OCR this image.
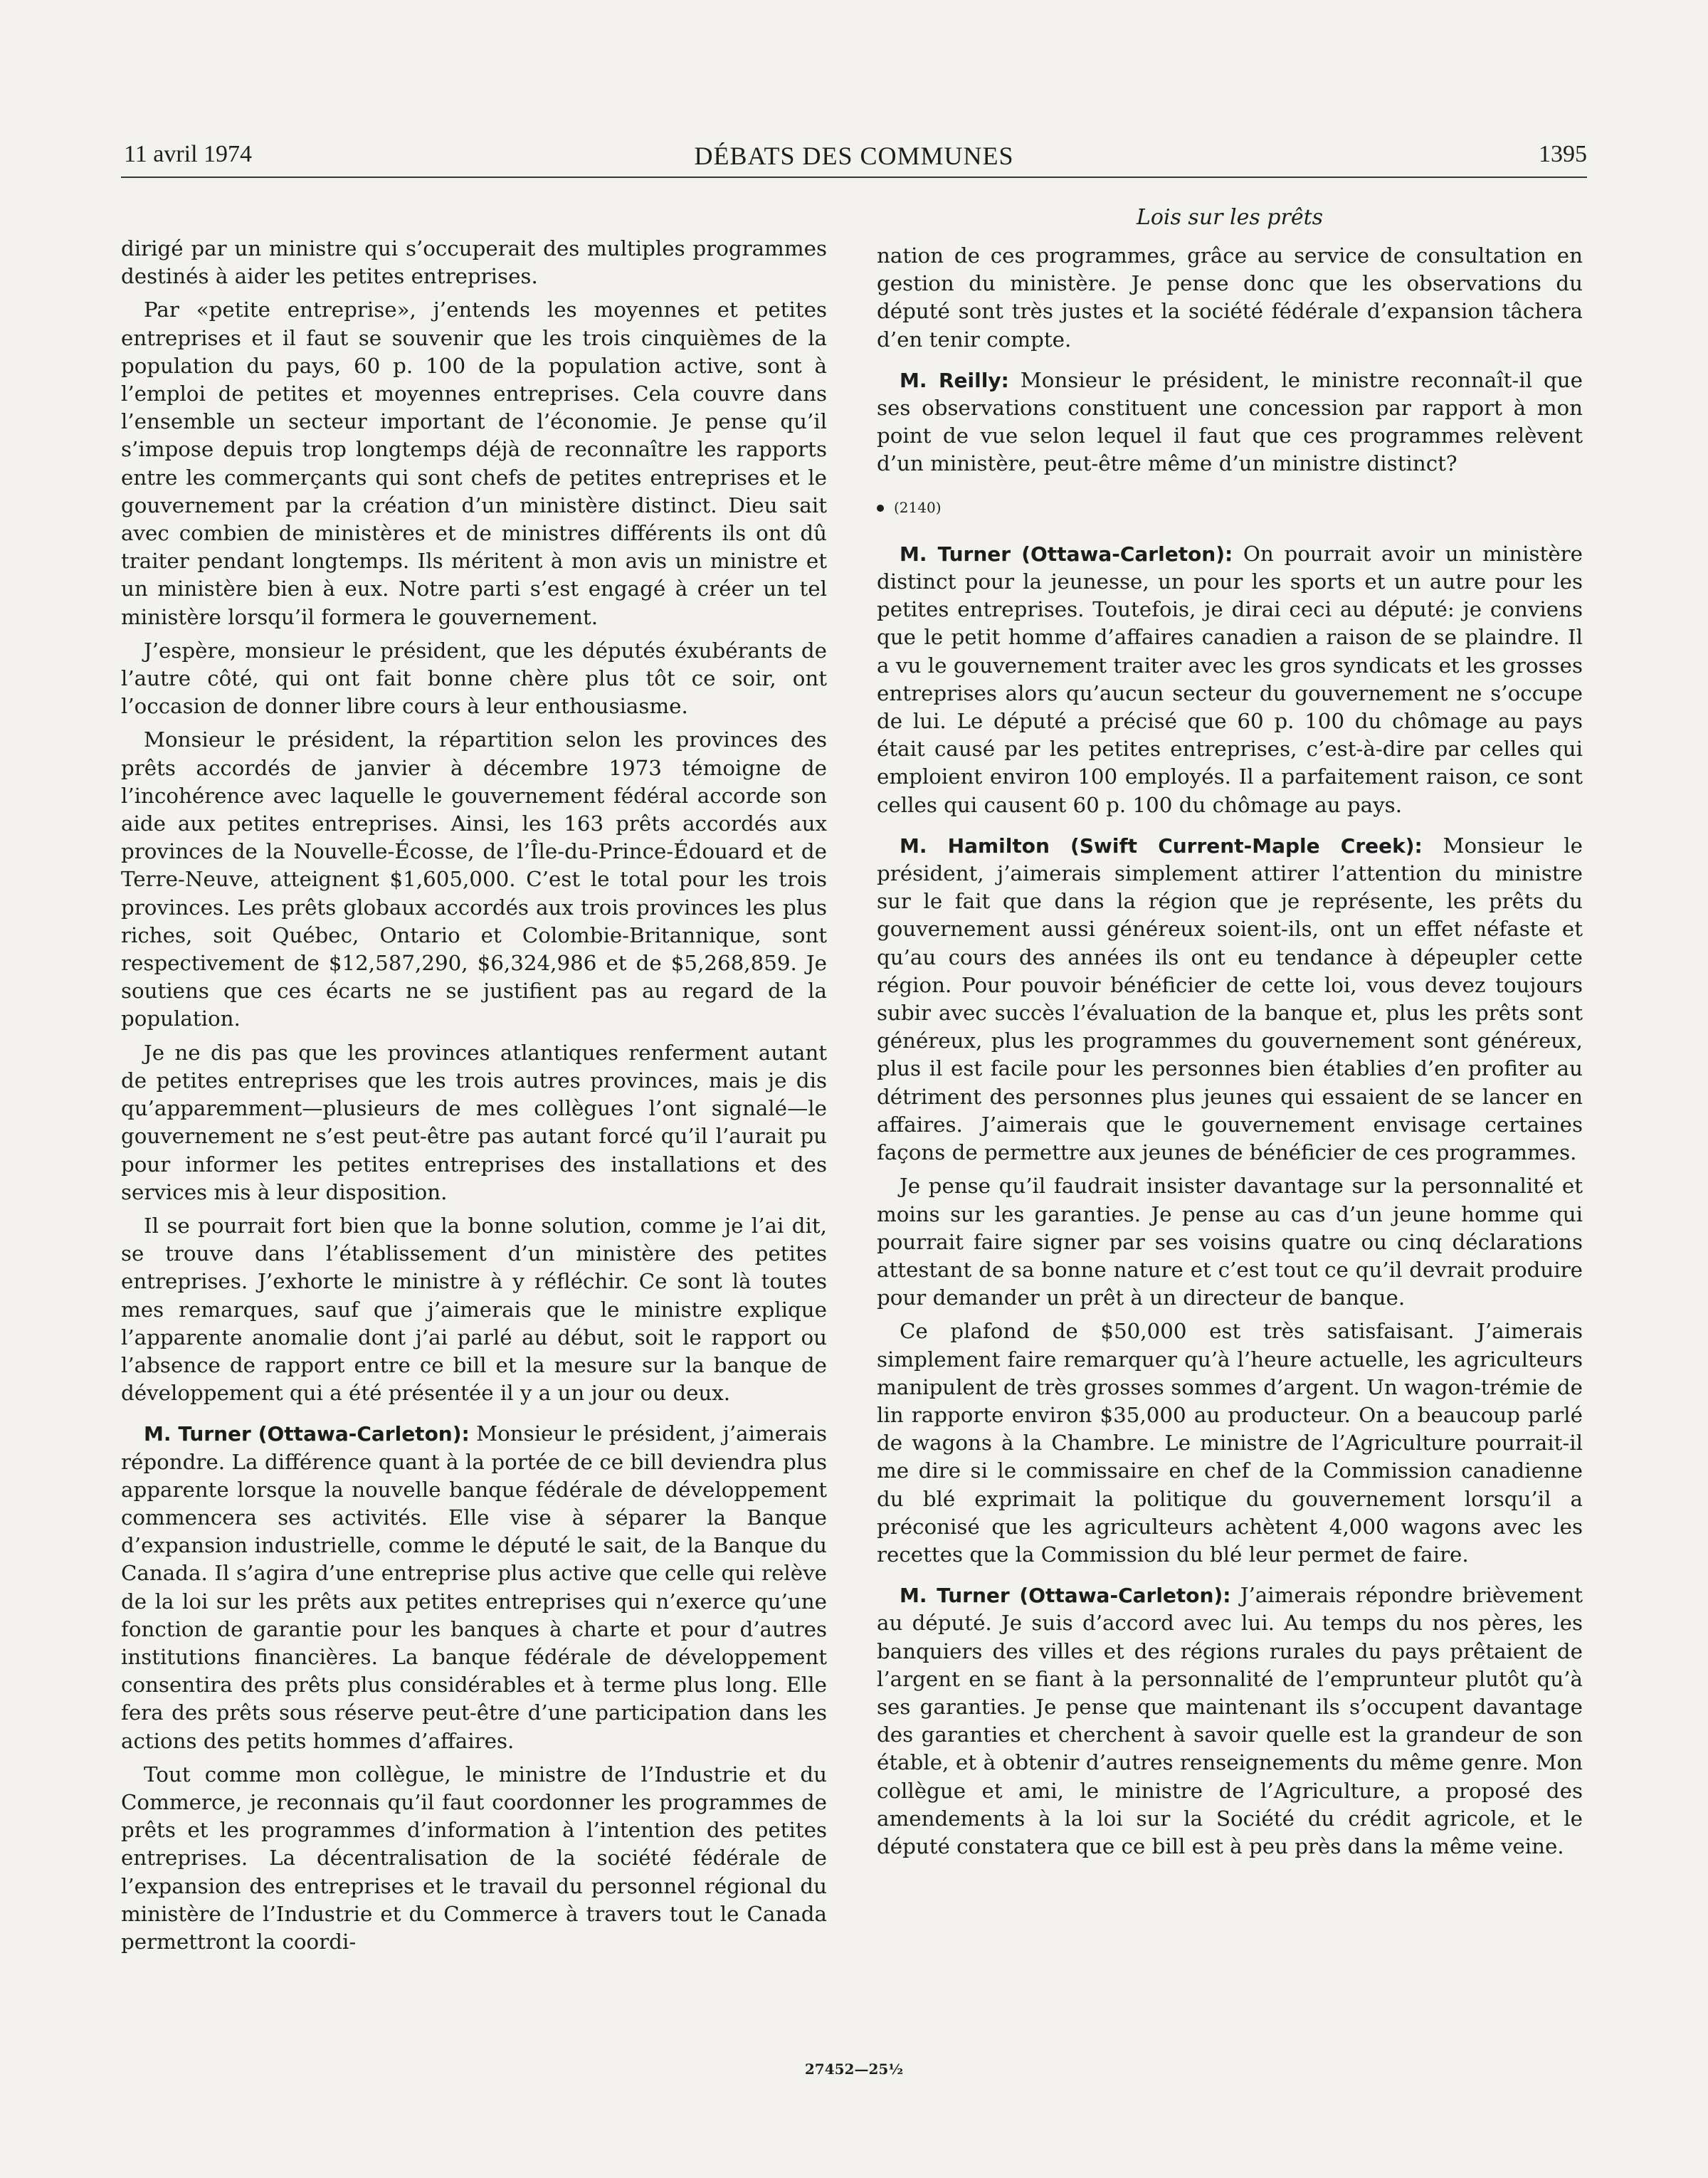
11 avril 1974	DÉBATS DES COMMUNES	1395
Lois sur les prêts

dirigé par un ministre qui s’occuperait des multiples programmes destinés à aider les petites entreprises.

Par «petite entreprise», j’entends les moyennes et petites entreprises et il faut se souvenir que les trois cinquièmes de la population du pays, 60 p. 100 de la population active, sont à l’emploi de petites et moyennes entreprises. Cela couvre dans l’ensemble un secteur important de l’économie. Je pense qu’il s’impose depuis trop longtemps déjà de reconnaître les rapports entre les commerçants qui sont chefs de petites entreprises et le gouvernement par la création d’un ministère distinct. Dieu sait avec combien de ministères et de ministres différents ils ont dû traiter pendant longtemps. Ils méritent à mon avis un ministre et un ministère bien à eux. Notre parti s’est engagé à créer un tel ministère lorsqu’il formera le gouvernement.

J’espère, monsieur le président, que les députés éxubérants de l’autre côté, qui ont fait bonne chère plus tôt ce soir, ont l’occasion de donner libre cours à leur enthousiasme.

Monsieur le président, la répartition selon les provinces des prêts accordés de janvier à décembre 1973 témoigne de l’incohérence avec laquelle le gouvernement fédéral accorde son aide aux petites entreprises. Ainsi, les 163 prêts accordés aux provinces de la Nouvelle-Écosse, de l’Île-du-Prince-Édouard et de Terre-Neuve, atteignent $1,605,000. C’est le total pour les trois provinces. Les prêts globaux accordés aux trois provinces les plus riches, soit Québec, Ontario et Colombie-Britannique, sont respectivement de $12,587,290, $6,324,986 et de $5,268,859. Je soutiens que ces écarts ne se justifient pas au regard de la population.

Je ne dis pas que les provinces atlantiques renferment autant de petites entreprises que les trois autres provinces, mais je dis qu’apparemment—plusieurs de mes collègues l’ont signalé—le gouvernement ne s’est peut-être pas autant forcé qu’il l’aurait pu pour informer les petites entreprises des installations et des services mis à leur disposition.

Il se pourrait fort bien que la bonne solution, comme je l’ai dit, se trouve dans l’établissement d’un ministère des petites entreprises. J’exhorte le ministre à y réfléchir. Ce sont là toutes mes remarques, sauf que j’aimerais que le ministre explique l’apparente anomalie dont j’ai parlé au début, soit le rapport ou l’absence de rapport entre ce bill et la mesure sur la banque de développement qui a été présentée il y a un jour ou deux.

M. Turner (Ottawa-Carleton): Monsieur le président, j’aimerais répondre. La différence quant à la portée de ce bill deviendra plus apparente lorsque la nouvelle banque fédérale de développement commencera ses activités. Elle vise à séparer la Banque d’expansion industrielle, comme le député le sait, de la Banque du Canada. Il s’agira d’une entreprise plus active que celle qui relève de la loi sur les prêts aux petites entreprises qui n’exerce qu’une fonction de garantie pour les banques à charte et pour d’autres institutions financières. La banque fédérale de développement consentira des prêts plus considérables et à terme plus long. Elle fera des prêts sous réserve peut-être d’une participation dans les actions des petits hommes d’affaires.

Tout comme mon collègue, le ministre de l’Industrie et du Commerce, je reconnais qu’il faut coordonner les programmes de prêts et les programmes d’information à l’intention des petites entreprises. La décentralisation de la société fédérale de l’expansion des entreprises et le travail du personnel régional du ministère de l’Industrie et du Commerce à travers tout le Canada permettront la coordi-

nation de ces programmes, grâce au service de consultation en gestion du ministère. Je pense donc que les observations du député sont très justes et la société fédérale d’expansion tâchera d’en tenir compte.

M. Reilly: Monsieur le président, le ministre reconnaît-il que ses observations constituent une concession par rapport à mon point de vue selon lequel il faut que ces programmes relèvent d’un ministère, peut-être même d’un ministre distinct?

(2140)

M. Turner (Ottawa-Carleton): On pourrait avoir un ministère distinct pour la jeunesse, un pour les sports et un autre pour les petites entreprises. Toutefois, je dirai ceci au député: je conviens que le petit homme d’affaires canadien a raison de se plaindre. Il a vu le gouvernement traiter avec les gros syndicats et les grosses entreprises alors qu’aucun secteur du gouvernement ne s’occupe de lui. Le député a précisé que 60 p. 100 du chômage au pays était causé par les petites entreprises, c’est-à-dire par celles qui emploient environ 100 employés. Il a parfaitement raison, ce sont celles qui causent 60 p. 100 du chômage au pays.

M. Hamilton (Swift Current-Maple Creek): Monsieur le président, j’aimerais simplement attirer l’attention du ministre sur le fait que dans la région que je représente, les prêts du gouvernement aussi généreux soient-ils, ont un effet néfaste et qu’au cours des années ils ont eu tendance à dépeupler cette région. Pour pouvoir bénéficier de cette loi, vous devez toujours subir avec succès l’évaluation de la banque et, plus les prêts sont généreux, plus les programmes du gouvernement sont généreux, plus il est facile pour les personnes bien établies d’en profiter au détriment des personnes plus jeunes qui essaient de se lancer en affaires. J’aimerais que le gouvernement envisage certaines façons de permettre aux jeunes de bénéficier de ces programmes.

Je pense qu’il faudrait insister davantage sur la personnalité et moins sur les garanties. Je pense au cas d’un jeune homme qui pourrait faire signer par ses voisins quatre ou cinq déclarations attestant de sa bonne nature et c’est tout ce qu’il devrait produire pour demander un prêt à un directeur de banque.

Ce plafond de $50,000 est très satisfaisant. J’aimerais simplement faire remarquer qu’à l’heure actuelle, les agriculteurs manipulent de très grosses sommes d’argent. Un wagon-trémie de lin rapporte environ $35,000 au producteur. On a beaucoup parlé de wagons à la Chambre. Le ministre de l’Agriculture pourrait-il me dire si le commissaire en chef de la Commission canadienne du blé exprimait la politique du gouvernement lorsqu’il a préconisé que les agriculteurs achètent 4,000 wagons avec les recettes que la Commission du blé leur permet de faire.

M. Turner (Ottawa-Carleton): J’aimerais répondre brièvement au député. Je suis d’accord avec lui. Au temps du nos pères, les banquiers des villes et des régions rurales du pays prêtaient de l’argent en se fiant à la personnalité de l’emprunteur plutôt qu’à ses garanties. Je pense que maintenant ils s’occupent davantage des garanties et cherchent à savoir quelle est la grandeur de son étable, et à obtenir d’autres renseignements du même genre. Mon collègue et ami, le ministre de l’Agriculture, a proposé des amendements à la loi sur la Société du crédit agricole, et le député constatera que ce bill est à peu près dans la même veine.

27452—25½
